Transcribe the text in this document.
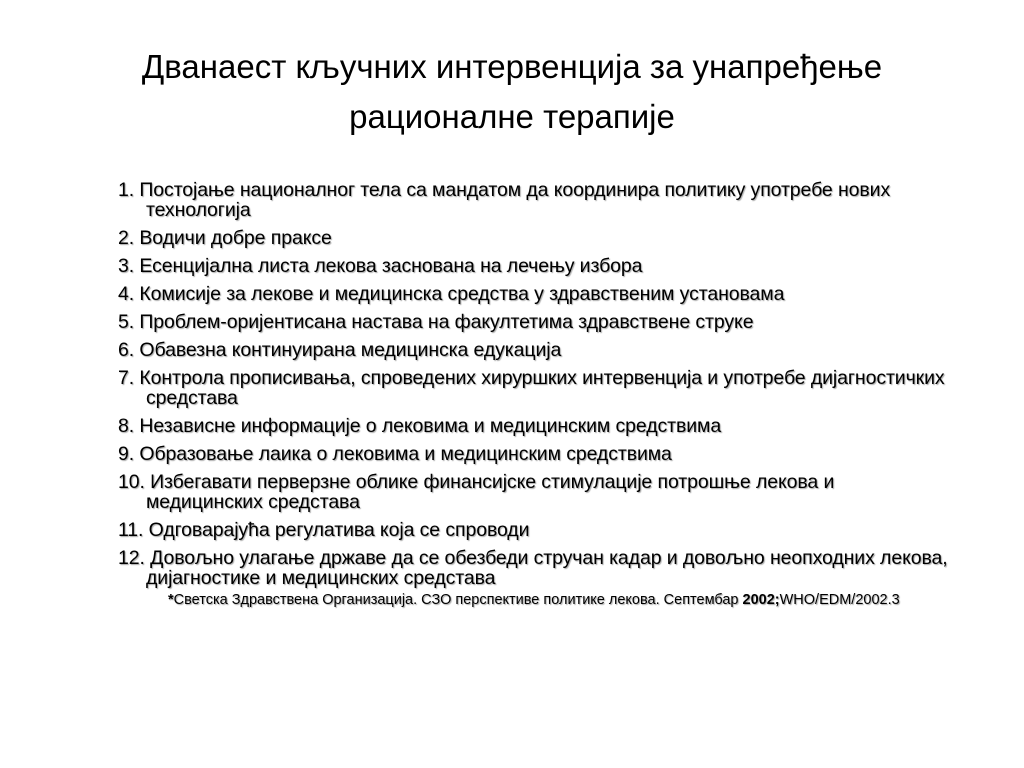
Дванаест кључних интервенција за унапређење рационалне терапије
1. Постојање националног тела са мандатом да координира политику употребе нових технологија
2. Водичи добре праксе
3. Есенцијална листа лекова заснована на лечењу избора
4. Комисије за лекове и медицинска средства у здравственим установама
5. Проблем-оријентисана настава на факултетима здравствене струке
6. Обавезна континуирана медицинска едукација
7. Контрола прописивања, спроведених хируршких интервенција и употребе дијагностичких средстава
8. Независне информације о лековима и медицинским средствима
9. Образовање лаика о лековима и медицинским средствима
10. Избегавати перверзне облике финансијске стимулације потрошње лекова и медицинских средстава
11. Одговарајућа регулатива која се спроводи
12. Довољно улагање државе да се обезбеди стручан кадар и довољно неопходних лекова, дијагностике и медицинских средстава
*Светска Здравствена Организација. СЗО перспективе политике лекова. Септембар 2002;WHO/EDM/2002.3
